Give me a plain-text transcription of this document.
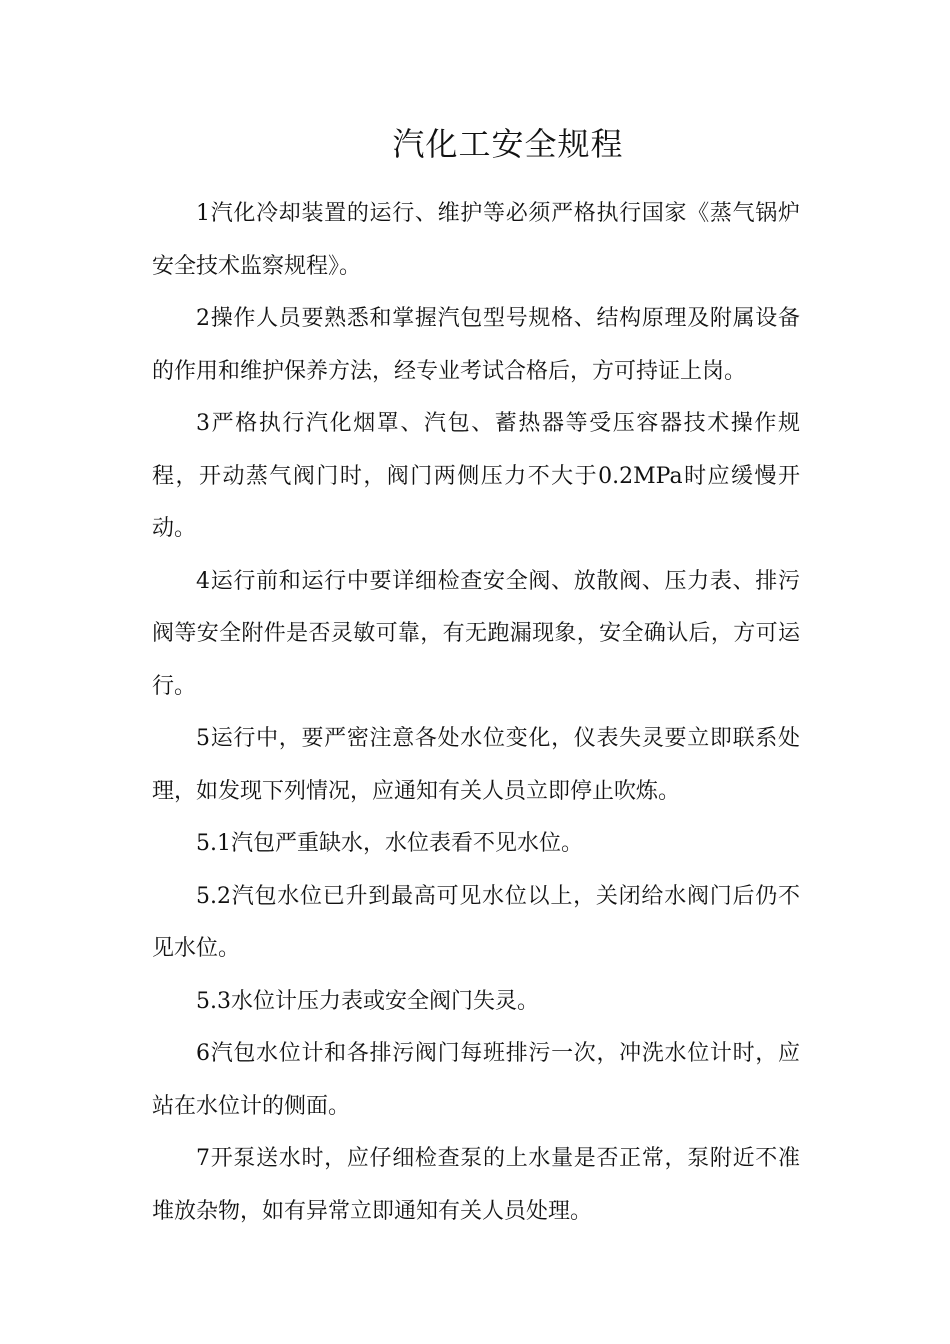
汽化工安全规程

1汽化冷却装置的运行、维护等必须严格执行国家《蒸气锅炉安全技术监察规程》。

2操作人员要熟悉和掌握汽包型号规格、结构原理及附属设备的作用和维护保养方法，经专业考试合格后，方可持证上岗。

3严格执行汽化烟罩、汽包、蓄热器等受压容器技术操作规程，开动蒸气阀门时，阀门两侧压力不大于0.2MPa时应缓慢开动。

4运行前和运行中要详细检查安全阀、放散阀、压力表、排污阀等安全附件是否灵敏可靠，有无跑漏现象，安全确认后，方可运行。

5运行中，要严密注意各处水位变化，仪表失灵要立即联系处理，如发现下列情况，应通知有关人员立即停止吹炼。

5.1汽包严重缺水，水位表看不见水位。

5.2汽包水位已升到最高可见水位以上，关闭给水阀门后仍不见水位。

5.3水位计压力表或安全阀门失灵。

6汽包水位计和各排污阀门每班排污一次，冲洗水位计时，应站在水位计的侧面。

7开泵送水时，应仔细检查泵的上水量是否正常，泵附近不准堆放杂物，如有异常立即通知有关人员处理。
